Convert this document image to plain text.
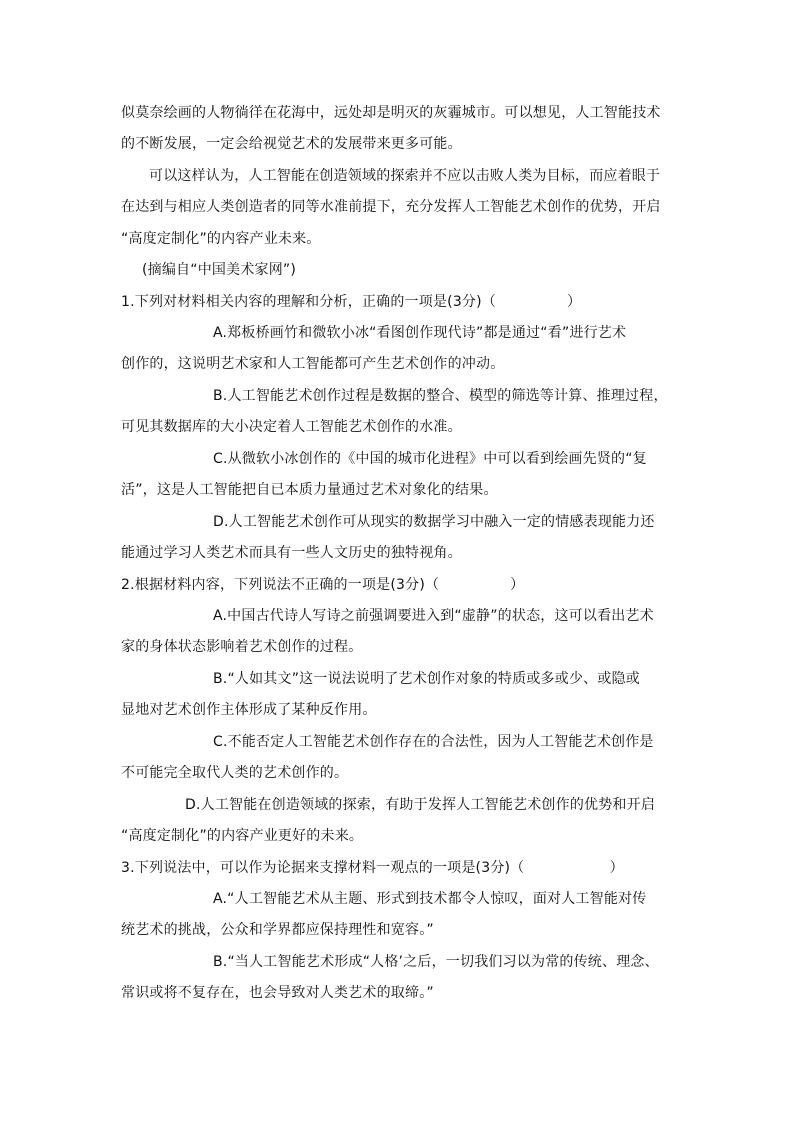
似莫奈绘画的人物徜徉在花海中，远处却是明灭的灰霾城市。可以想见，人工智能技术
的不断发展，一定会给视觉艺术的发展带来更多可能。
可以这样认为，人工智能在创造领域的探索并不应以击败人类为目标，而应着眼于
在达到与相应人类创造者的同等水准前提下，充分发挥人工智能艺术创作的优势，开启
“高度定制化”的内容产业未来。
(摘编自“中国美术家网”)
1.下列对材料相关内容的理解和分析，正确的一项是(3分)（　　　　　）
A.郑板桥画竹和微软小冰“看图创作现代诗”都是通过“看”进行艺术
创作的，这说明艺术家和人工智能都可产生艺术创作的冲动。
B.人工智能艺术创作过程是数据的整合、模型的筛选等计算、推理过程，
可见其数据库的大小决定着人工智能艺术创作的水准。
C.从微软小冰创作的《中国的城市化进程》中可以看到绘画先贤的“复
活”，这是人工智能把自已本质力量通过艺术对象化的结果。
D.人工智能艺术创作可从现实的数据学习中融入一定的情感表现能力还
能通过学习人类艺术而具有一些人文历史的独特视角。
2.根据材料内容，下列说法不正确的一项是(3分)（　　　　　）
A.中国古代诗人写诗之前强调要进入到“虚静”的状态，这可以看出艺术
家的身体状态影响着艺术创作的过程。
B.“人如其文”这一说法说明了艺术创作对象的特质或多或少、或隐或
显地对艺术创作主体形成了某种反作用。
C.不能否定人工智能艺术创作存在的合法性，因为人工智能艺术创作是
不可能完全取代人类的艺术创作的。
D.人工智能在创造领域的探索，有助于发挥人工智能艺术创作的优势和开启
“高度定制化”的内容产业更好的未来。
3.下列说法中，可以作为论据来支撑材料一观点的一项是(3分)（　　　　　　）
A.“人工智能艺术从主题、形式到技术都令人惊叹，面对人工智能对传
统艺术的挑战，公众和学界都应保持理性和宽容。”
B.“当人工智能艺术形成“人格’之后，一切我们习以为常的传统、理念、
常识或将不复存在，也会导致对人类艺术的取缔。”
